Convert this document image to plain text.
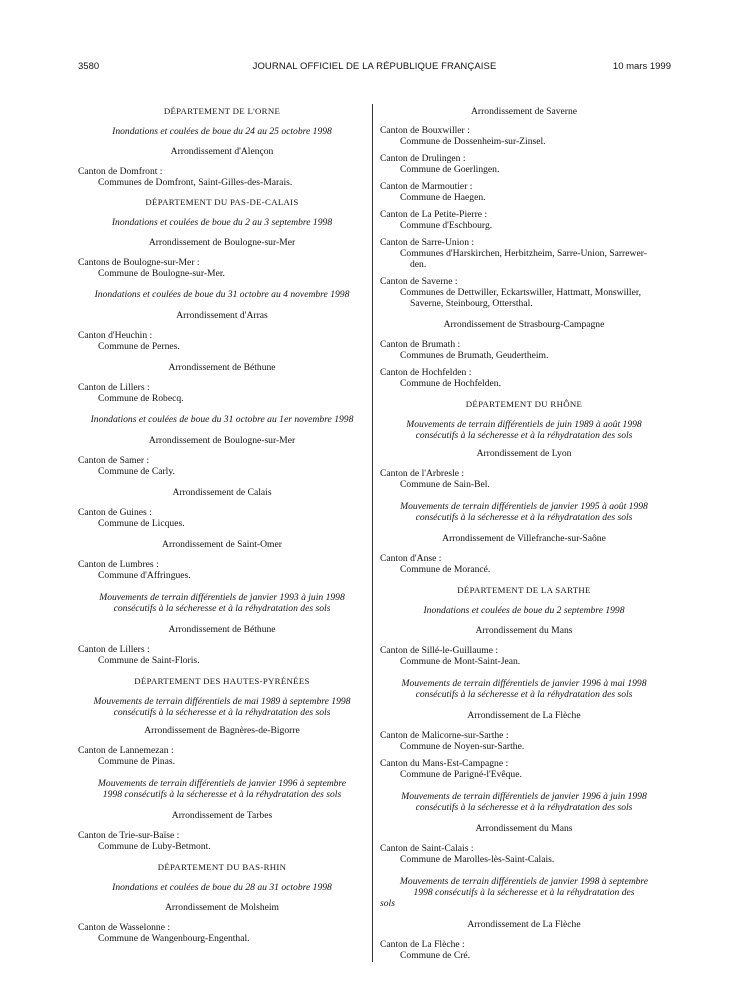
3580	JOURNAL OFFICIEL DE LA RÉPUBLIQUE FRANÇAISE	10 mars 1999
DÉPARTEMENT DE L'ORNE
Inondations et coulées de boue du 24 au 25 octobre 1998
Arrondissement d'Alençon
Canton de Domfront :
Communes de Domfront, Saint-Gilles-des-Marais.
DÉPARTEMENT DU PAS-DE-CALAIS
Inondations et coulées de boue du 2 au 3 septembre 1998
Arrondissement de Boulogne-sur-Mer
Cantons de Boulogne-sur-Mer :
Commune de Boulogne-sur-Mer.
Inondations et coulées de boue du 31 octobre au 4 novembre 1998
Arrondissement d'Arras
Canton d'Heuchin :
Commune de Pernes.
Arrondissement de Béthune
Canton de Lillers :
Commune de Robecq.
Inondations et coulées de boue du 31 octobre au 1er novembre 1998
Arrondissement de Boulogne-sur-Mer
Canton de Samer :
Commune de Carly.
Arrondissement de Calais
Canton de Guines :
Commune de Licques.
Arrondissement de Saint-Omer
Canton de Lumbres :
Commune d'Affringues.
Mouvements de terrain différentiels de janvier 1993 à juin 1998
consécutifs à la sécheresse et à la réhydratation des sols
Arrondissement de Béthune
Canton de Lillers :
Commune de Saint-Floris.
DÉPARTEMENT DES HAUTES-PYRÉNÉES
Mouvements de terrain différentiels de mai 1989 à septembre 1998
consécutifs à la sécheresse et à la réhydratation des sols
Arrondissement de Bagnères-de-Bigorre
Canton de Lannemezan :
Commune de Pinas.
Mouvements de terrain différentiels de janvier 1996 à septembre
1998 consécutifs à la sécheresse et à la réhydratation des sols
Arrondissement de Tarbes
Canton de Trie-sur-Baïse :
Commune de Luby-Betmont.
DÉPARTEMENT DU BAS-RHIN
Inondations et coulées de boue du 28 au 31 octobre 1998
Arrondissement de Molsheim
Canton de Wasselonne :
Commune de Wangenbourg-Engenthal.
Arrondissement de Saverne
Canton de Bouxwiller :
Commune de Dossenheim-sur-Zinsel.
Canton de Drulingen :
Commune de Goerlingen.
Canton de Marmoutier :
Commune de Haegen.
Canton de La Petite-Pierre :
Commune d'Eschbourg.
Canton de Sarre-Union :
Communes d'Harskirchen, Herbitzheim, Sarre-Union, Sarrewer-
den.
Canton de Saverne :
Communes de Dettwiller, Eckartswiller, Hattmatt, Monswiller,
Saverne, Steinbourg, Ottersthal.
Arrondissement de Strasbourg-Campagne
Canton de Brumath :
Communes de Brumath, Geudertheim.
Canton de Hochfelden :
Commune de Hochfelden.
DÉPARTEMENT DU RHÔNE
Mouvements de terrain différentiels de juin 1989 à août 1998
consécutifs à la sécheresse et à la réhydratation des sols
Arrondissement de Lyon
Canton de l'Arbresle :
Commune de Sain-Bel.
Mouvements de terrain différentiels de janvier 1995 à août 1998
consécutifs à la sécheresse et à la réhydratation des sols
Arrondissement de Villefranche-sur-Saône
Canton d'Anse :
Commune de Morancé.
DÉPARTEMENT DE LA SARTHE
Inondations et coulées de boue du 2 septembre 1998
Arrondissement du Mans
Canton de Sillé-le-Guillaume :
Commune de Mont-Saint-Jean.
Mouvements de terrain différentiels de janvier 1996 à mai 1998
consécutifs à la sécheresse et à la réhydratation des sols
Arrondissement de La Flèche
Canton de Malicorne-sur-Sarthe :
Commune de Noyen-sur-Sarthe.
Canton du Mans-Est-Campagne :
Commune de Parigné-l'Evêque.
Mouvements de terrain différentiels de janvier 1996 à juin 1998
consécutifs à la sécheresse et à la réhydratation des sols
Arrondissement du Mans
Canton de Saint-Calais :
Commune de Marolles-lès-Saint-Calais.
Mouvements de terrain différentiels de janvier 1998 à septembre
1998 consécutifs à la sécheresse et à la réhydratation des
sols
Arrondissement de La Flèche
Canton de La Flèche :
Commune de Cré.
